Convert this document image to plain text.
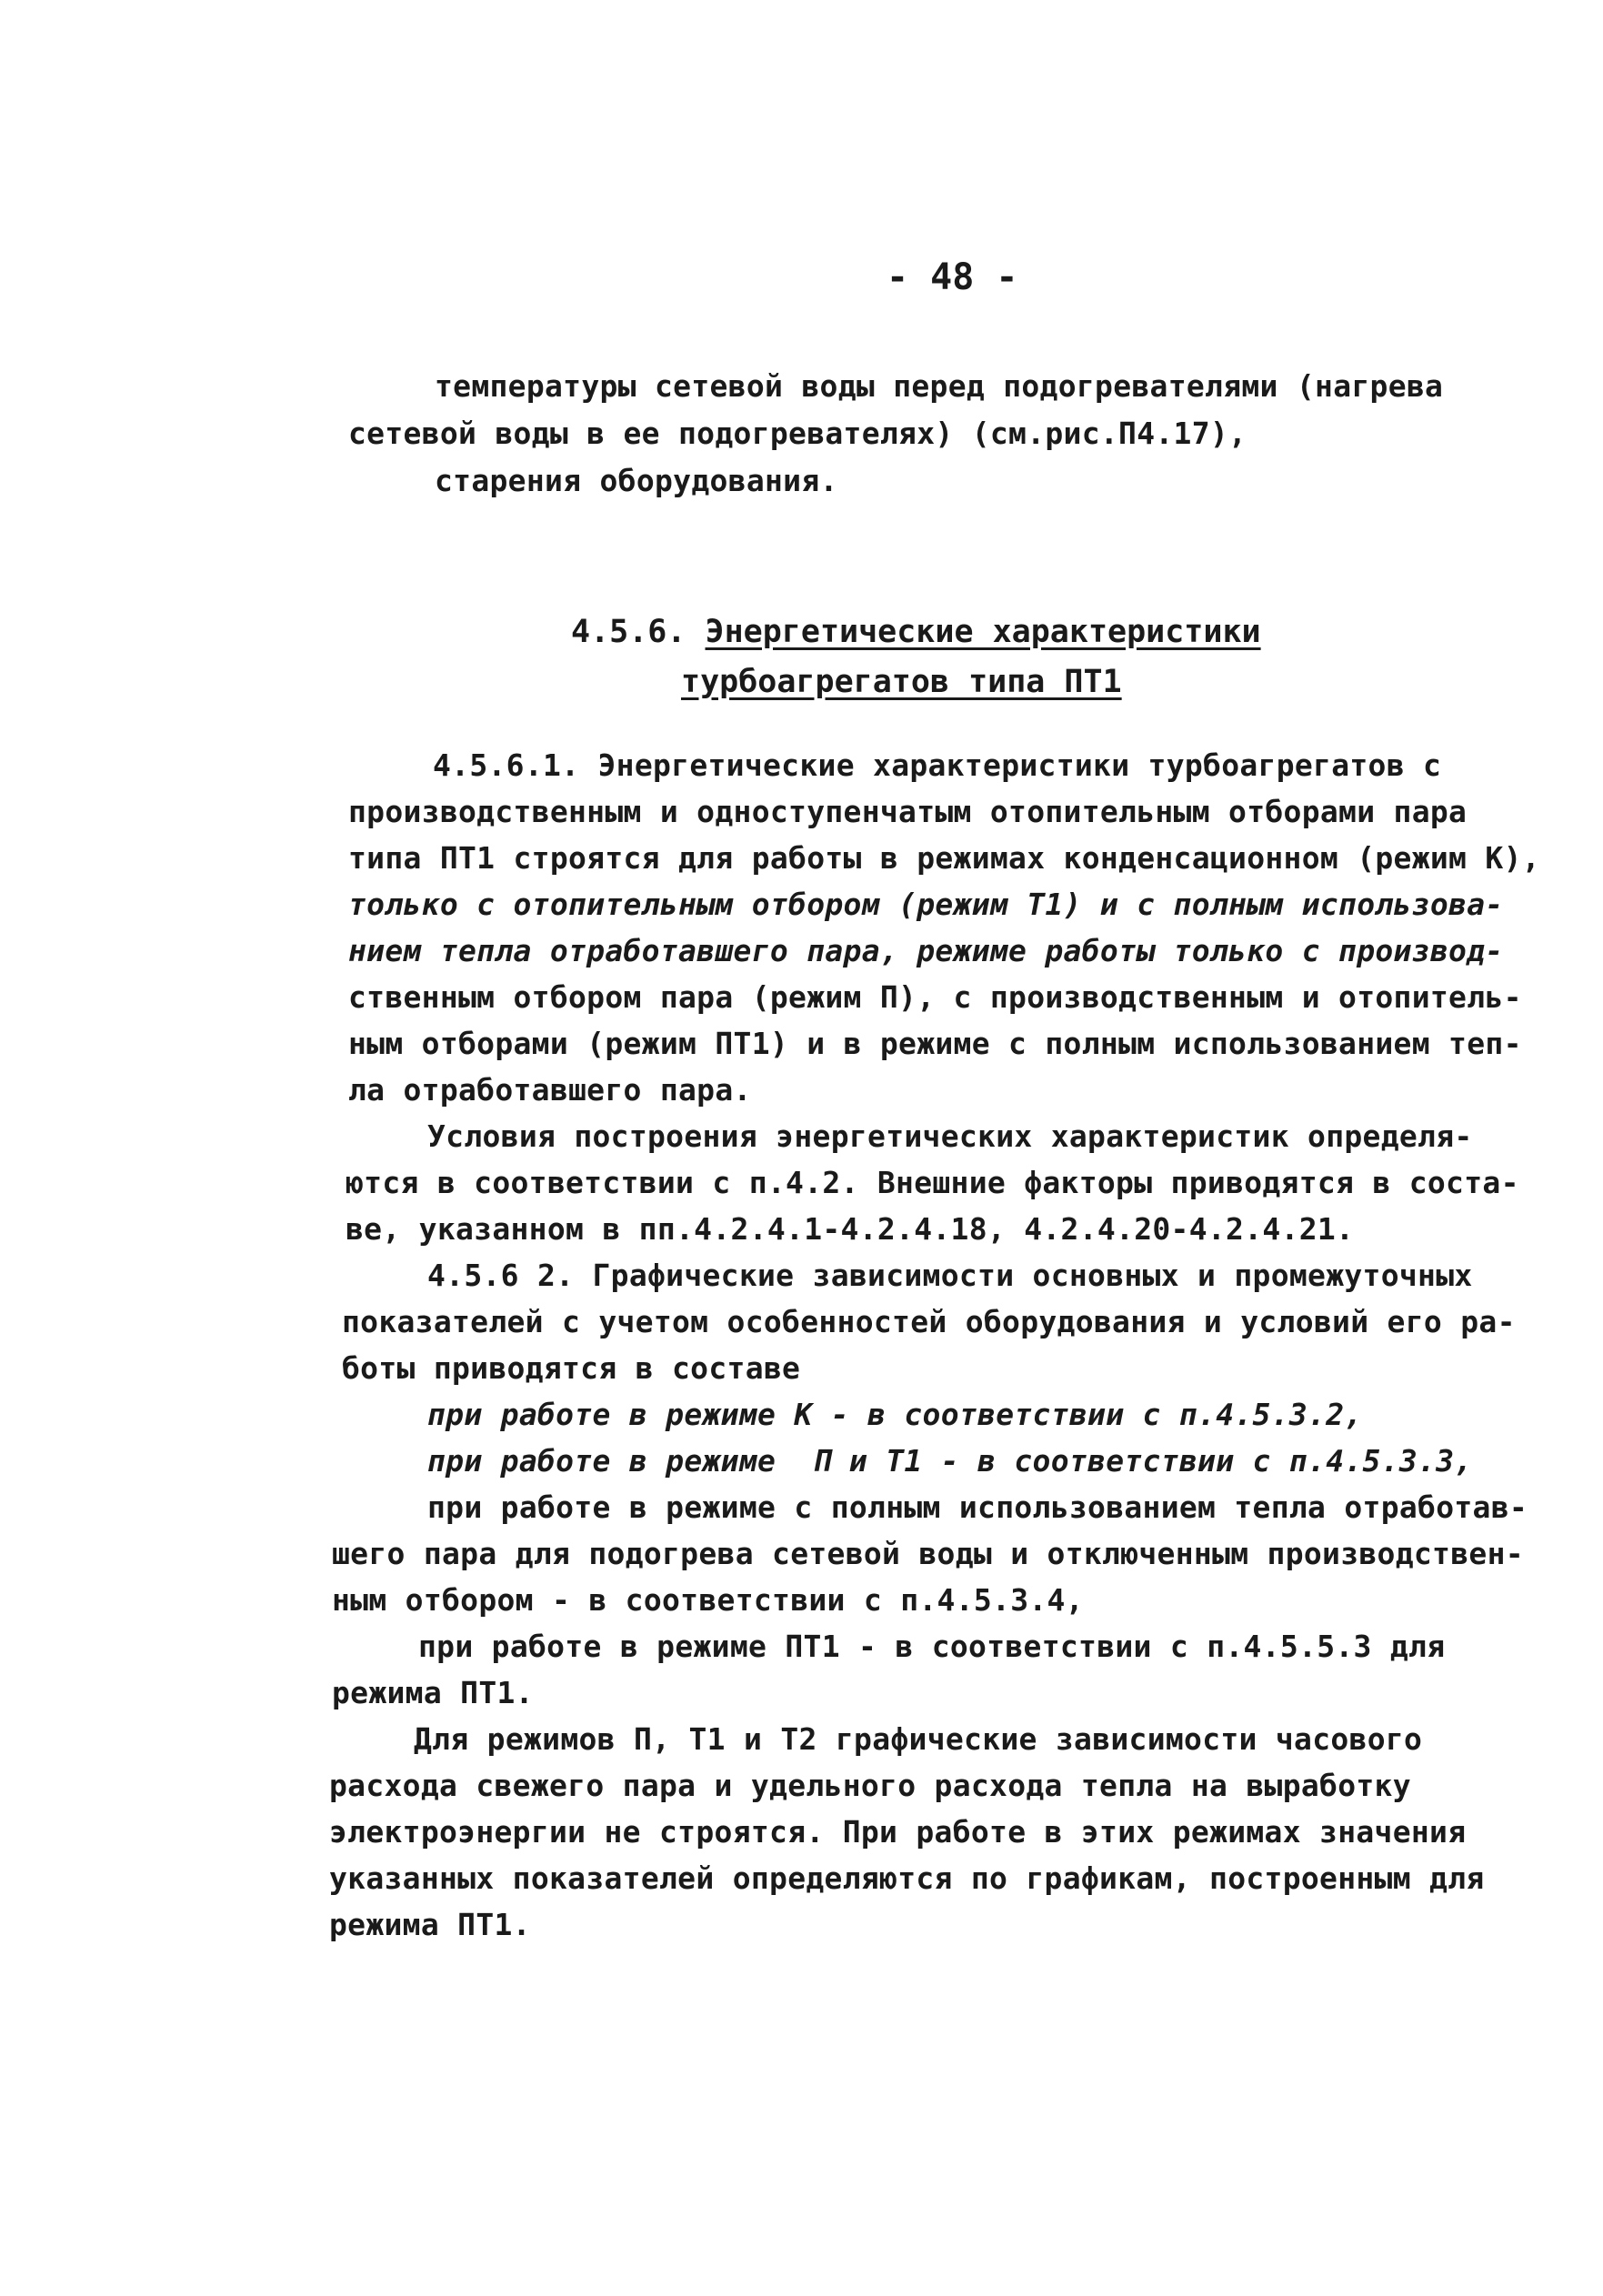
- 48 -
температуры сетевой воды перед подогревателями (нагрева
сетевой воды в ее подогревателях) (см.рис.П4.17),
старения оборудования.
4.5.6. Энергетические характеристики
турбоагрегатов типа ПТ1
4.5.6.1. Энергетические характеристики турбоагрегатов с
производственным и одноступенчатым отопительным отборами пара
типа ПТ1 строятся для работы в режимах конденсационном (режим К),
только с отопительным отбором (режим Т1) и с полным использова-
нием тепла отработавшего пара, режиме работы только с производ-
ственным отбором пара (режим П), с производственным и отопитель-
ным отборами (режим ПТ1) и в режиме с полным использованием теп-
ла отработавшего пара.
Условия построения энергетических характеристик определя-
ются в соответствии с п.4.2. Внешние факторы приводятся в соста-
ве, указанном в пп.4.2.4.1-4.2.4.18, 4.2.4.20-4.2.4.21.
4.5.6 2. Графические зависимости основных и промежуточных
показателей с учетом особенностей оборудования и условий его ра-
боты приводятся в составе
при работе в режиме К - в соответствии с п.4.5.3.2,
при работе в режиме  П и Т1 - в соответствии с п.4.5.3.3,
при работе в режиме с полным использованием тепла отработав-
шего пара для подогрева сетевой воды и отключенным производствен-
ным отбором - в соответствии с п.4.5.3.4,
при работе в режиме ПТ1 - в соответствии с п.4.5.5.3 для
режима ПТ1.
Для режимов П, Т1 и Т2 графические зависимости часового
расхода свежего пара и удельного расхода тепла на выработку
электроэнергии не строятся. При работе в этих режимах значения
указанных показателей определяются по графикам, построенным для
режима ПТ1.
